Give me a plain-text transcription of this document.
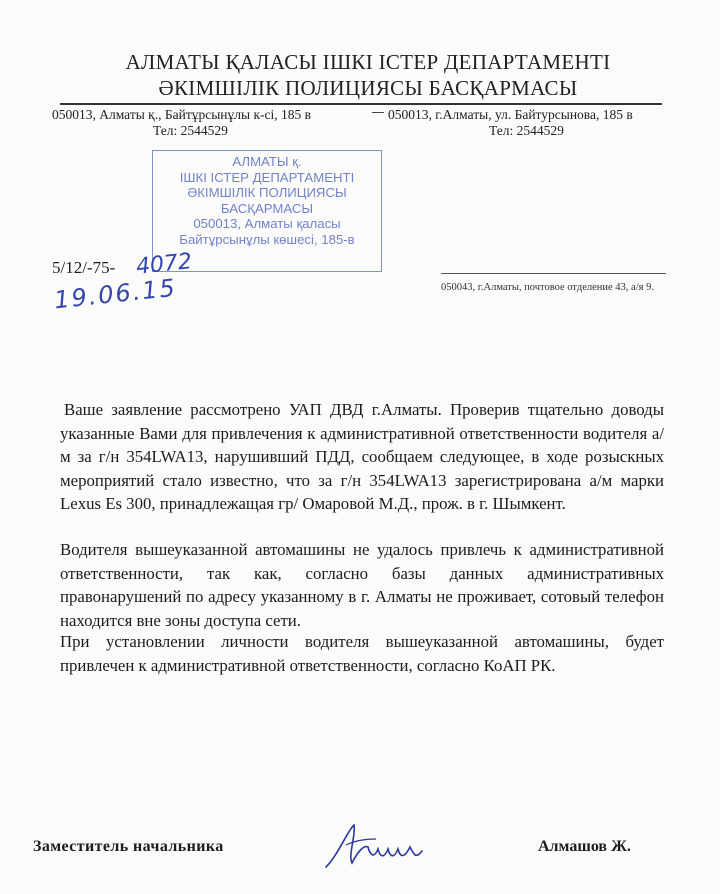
АЛМАТЫ ҚАЛАСЫ ІШКІ ІСТЕР ДЕПАРТАМЕНТІ
ӘКІМШІЛІК ПОЛИЦИЯСЫ БАСҚАРМАСЫ
050013, Алматы қ., Байтұрсынұлы к-сі, 185 в
Тел: 2544529
050013, г.Алматы, ул. Байтурсынова, 185 в
Тел: 2544529
АЛМАТЫ қ.
ІШКІ ІСТЕР ДЕПАРТАМЕНТІ
ӘКІМШІЛІК ПОЛИЦИЯСЫ
БАСҚАРМАСЫ
050013, Алматы қаласы
Байтұрсынұлы көшесі, 185-в
5/12/-75- 4072
19.06.15	050043, г.Алматы, почтовое отделение 43, а/я 9.
Ваше заявление рассмотрено УАП ДВД г.Алматы. Проверив тщательно доводы указанные Вами для привлечения к административной ответственности водителя а/м за г/н 354LWA13, нарушивший ПДД, сообщаем следующее, в ходе розыскных мероприятий стало известно, что за г/н 354LWA13 зарегистрирована а/м марки Lexus Es 300, принадлежащая гр/ Омаровой М.Д., прож. в г. Шымкент.
Водителя вышеуказанной автомашины не удалось привлечь к административной ответственности, так как, согласно базы данных административных правонарушений по адресу указанному в г. Алматы не проживает, сотовый телефон находится вне зоны доступа сети.
При установлении личности водителя вышеуказанной автомашины, будет привлечен к административной ответственности, согласно КоАП РК.
Заместитель начальника	Алмашов Ж.
